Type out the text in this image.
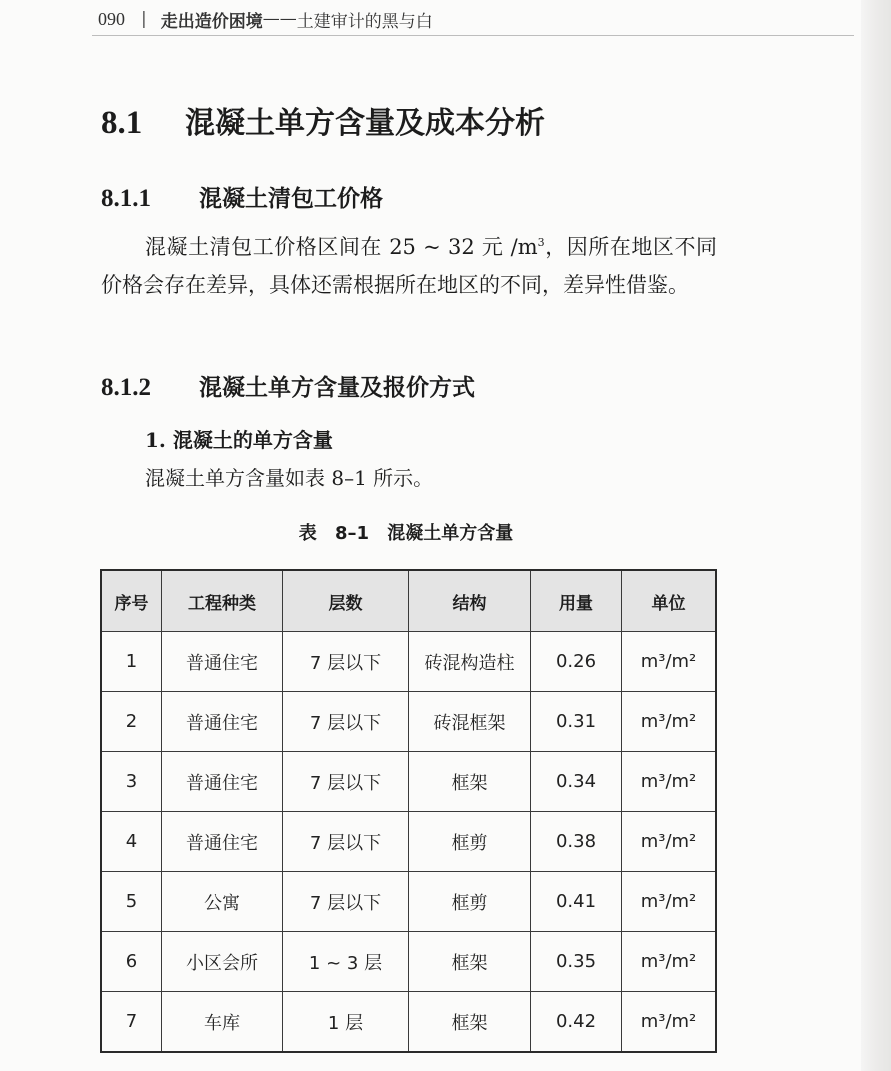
090 | 走出造价困境 —— 土建审计的黑与白
8.1	混凝土单方含量及成本分析
8.1.1	混凝土清包工价格

混凝土清包工价格区间在 25 ~ 32 元 $/m^3$，因所在地区不同价格会存在差异，具体还需根据所在地区的不同，差异性借鉴。

8.1.2	混凝土单方含量及报价方式
1. 混凝土的单方含量

混凝土单方含量如表 8–1 所示。

表 8–1 混凝土单方含量
序号	工程种类	层数	结构	用量	单位
1	普通住宅	7 层以下	砖混构造柱	0.26	m³/m²
2	普通住宅	7 层以下	砖混框架	0.31	m³/m²
3	普通住宅	7 层以下	框架	0.34	m³/m²
4	普通住宅	7 层以下	框剪	0.38	m³/m²
5	公寓	7 层以下	框剪	0.41	m³/m²
6	小区会所	1 ~ 3 层	框架	0.35	m³/m²
7	车库	1 层	框架	0.42	m³/m²
